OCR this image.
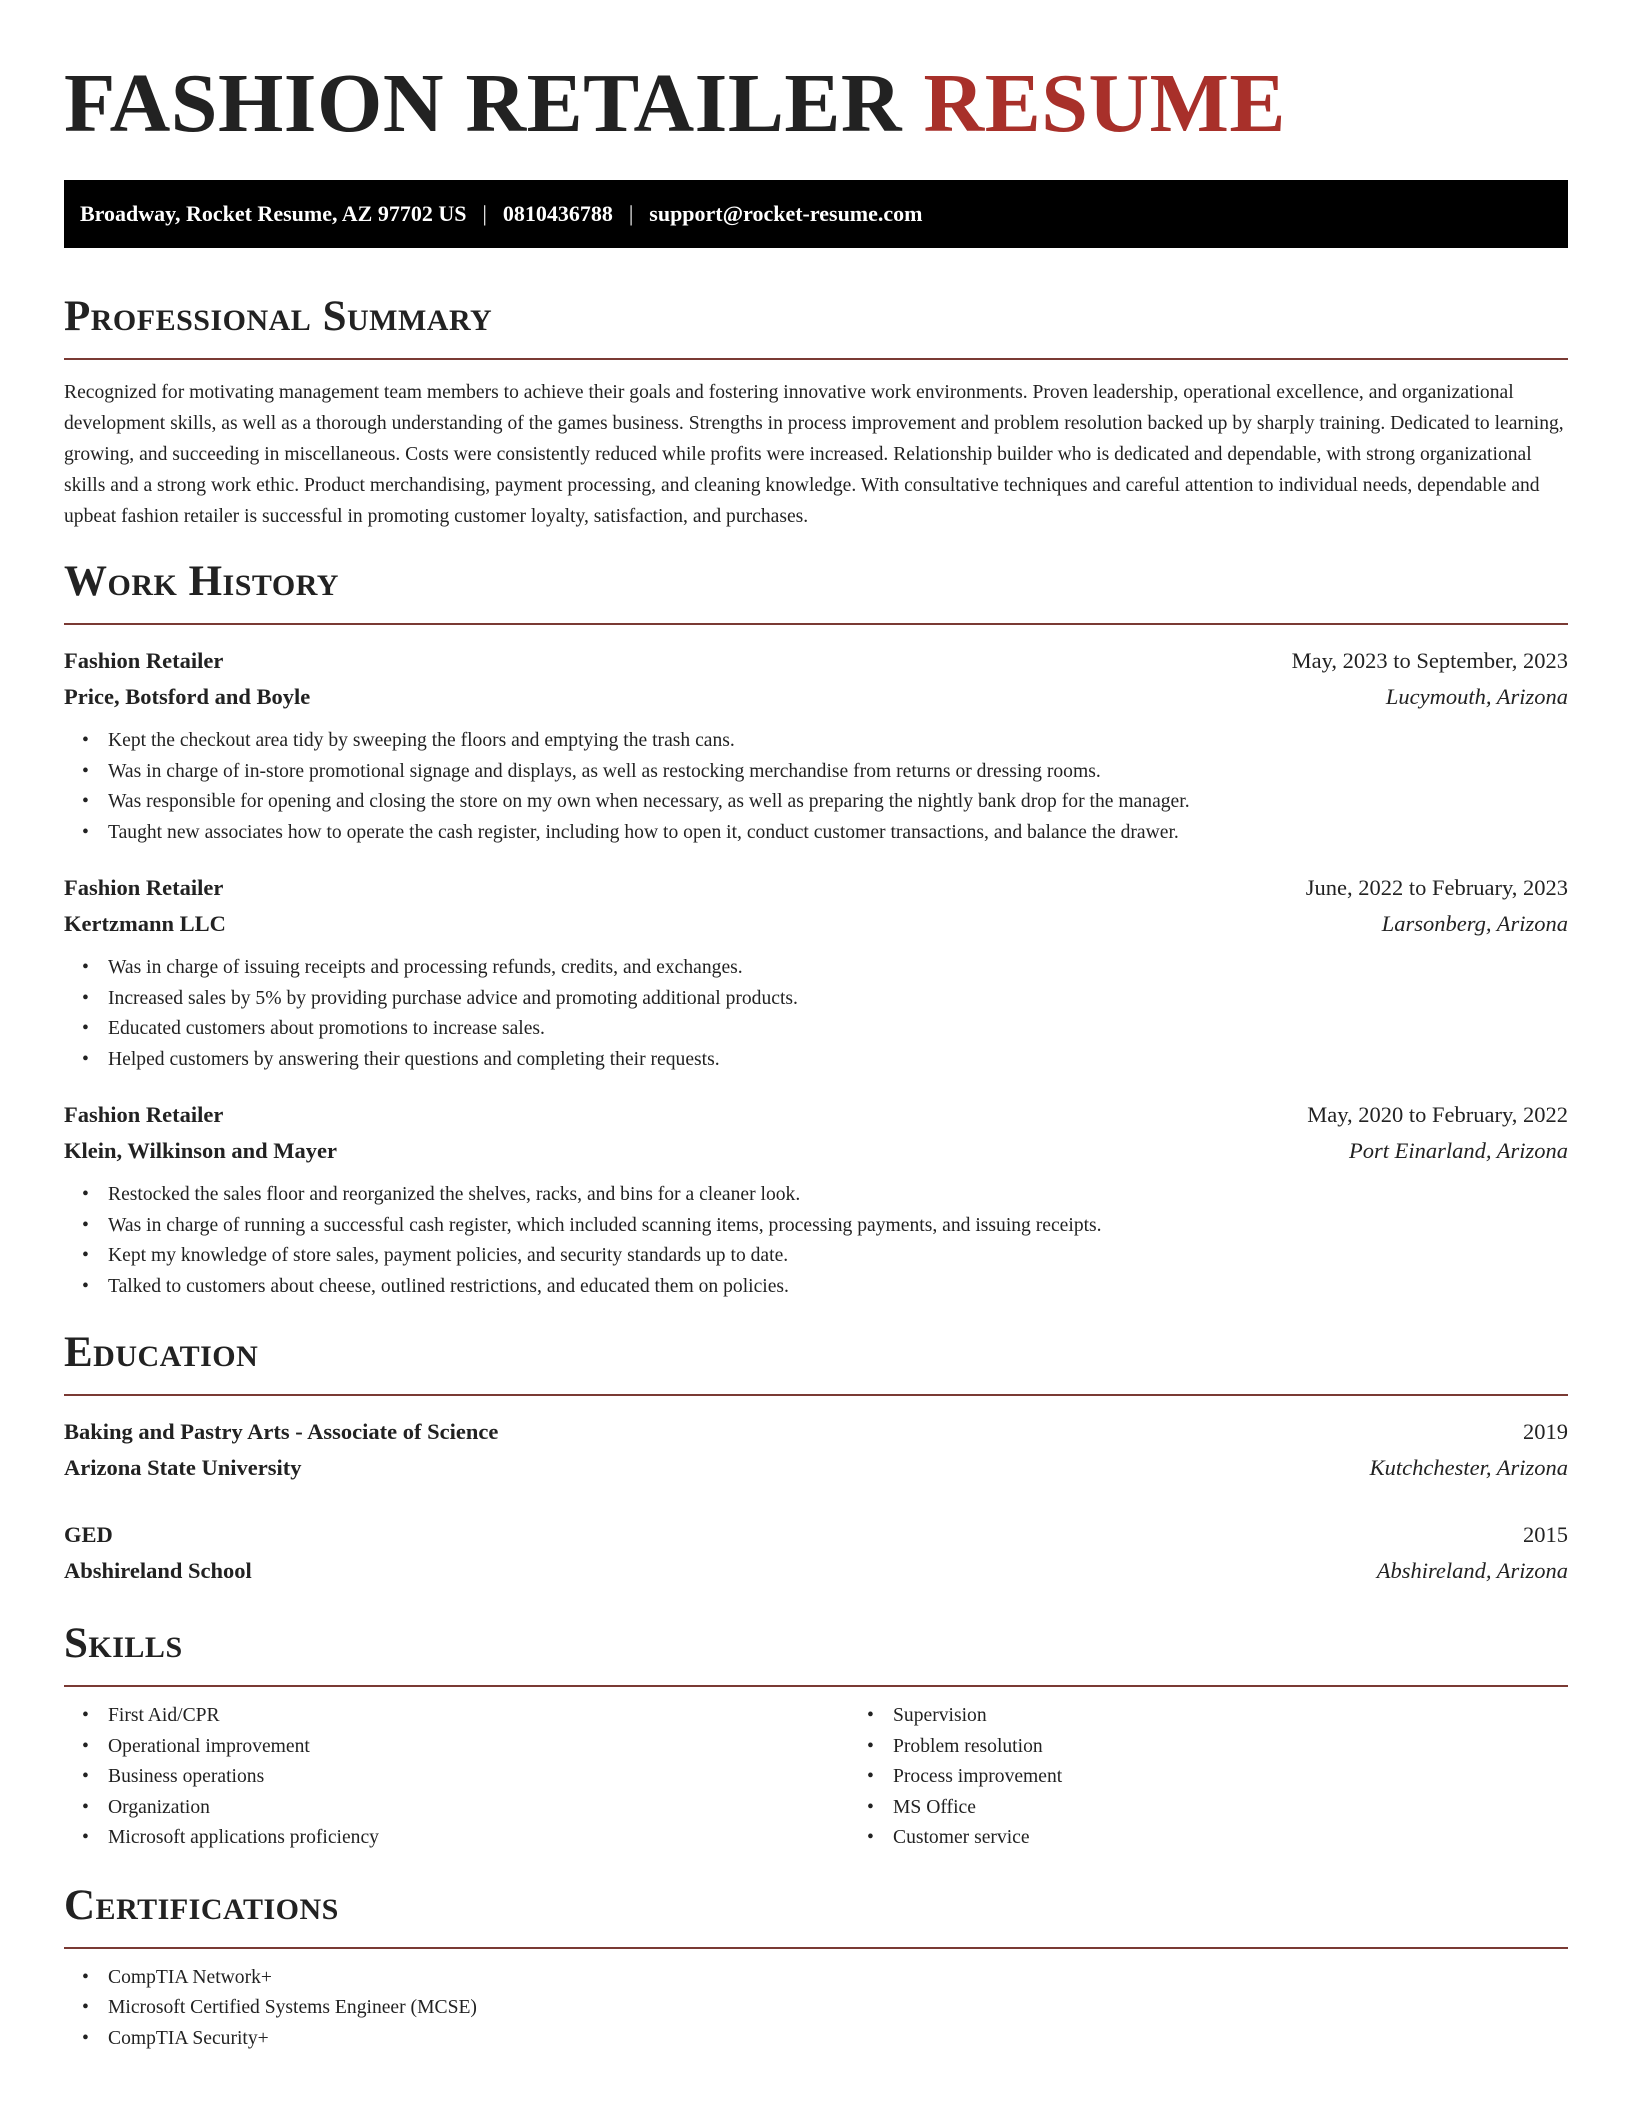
FASHION RETAILER RESUME
Broadway, Rocket Resume, AZ 97702 US | 0810436788 | support@rocket-resume.com
Professional Summary

Recognized for motivating management team members to achieve their goals and fostering innovative work environments. Proven leadership, operational excellence, and organizational development skills, as well as a thorough understanding of the games business. Strengths in process improvement and problem resolution backed up by sharply training. Dedicated to learning, growing, and succeeding in miscellaneous. Costs were consistently reduced while profits were increased. Relationship builder who is dedicated and dependable, with strong organizational skills and a strong work ethic. Product merchandising, payment processing, and cleaning knowledge. With consultative techniques and careful attention to individual needs, dependable and upbeat fashion retailer is successful in promoting customer loyalty, satisfaction, and purchases.

Work History
Fashion Retailer	May, 2023 to September, 2023
Price, Botsford and Boyle	Lucymouth, Arizona
• Kept the checkout area tidy by sweeping the floors and emptying the trash cans.
• Was in charge of in-store promotional signage and displays, as well as restocking merchandise from returns or dressing rooms.
• Was responsible for opening and closing the store on my own when necessary, as well as preparing the nightly bank drop for the manager.
• Taught new associates how to operate the cash register, including how to open it, conduct customer transactions, and balance the drawer.
Fashion Retailer	June, 2022 to February, 2023
Kertzmann LLC	Larsonberg, Arizona
• Was in charge of issuing receipts and processing refunds, credits, and exchanges.
• Increased sales by 5% by providing purchase advice and promoting additional products.
• Educated customers about promotions to increase sales.
• Helped customers by answering their questions and completing their requests.
Fashion Retailer	May, 2020 to February, 2022
Klein, Wilkinson and Mayer	Port Einarland, Arizona
• Restocked the sales floor and reorganized the shelves, racks, and bins for a cleaner look.
• Was in charge of running a successful cash register, which included scanning items, processing payments, and issuing receipts.
• Kept my knowledge of store sales, payment policies, and security standards up to date.
• Talked to customers about cheese, outlined restrictions, and educated them on policies.
Education
Baking and Pastry Arts - Associate of Science	2019
Arizona State University	Kutchchester, Arizona
GED	2015
Abshireland School	Abshireland, Arizona
Skills
• First Aid/CPR
• Operational improvement
• Business operations
• Organization
• Microsoft applications proficiency
• Supervision
• Problem resolution
• Process improvement
• MS Office
• Customer service
Certifications
• CompTIA Network+
• Microsoft Certified Systems Engineer (MCSE)
• CompTIA Security+
